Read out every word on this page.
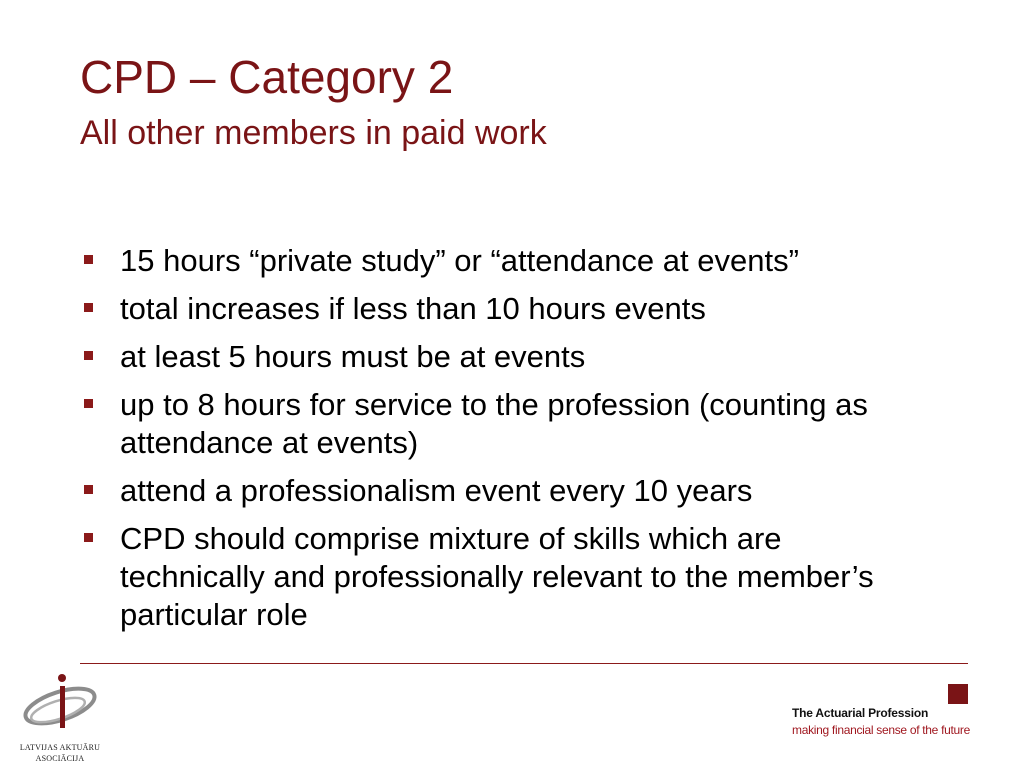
CPD – Category 2
All other members in paid work
15 hours “private study” or “attendance at events”
total increases if less than 10 hours events
at least 5 hours must be at events
up to 8 hours for service to the profession (counting as
attendance at events)
attend a professionalism event every 10 years
CPD should comprise mixture of skills which are
technically and professionally relevant to the member’s
particular role
LATVIJAS AKTUĀRU
ASOCIĀCIJA
The Actuarial Profession
making financial sense of the future
